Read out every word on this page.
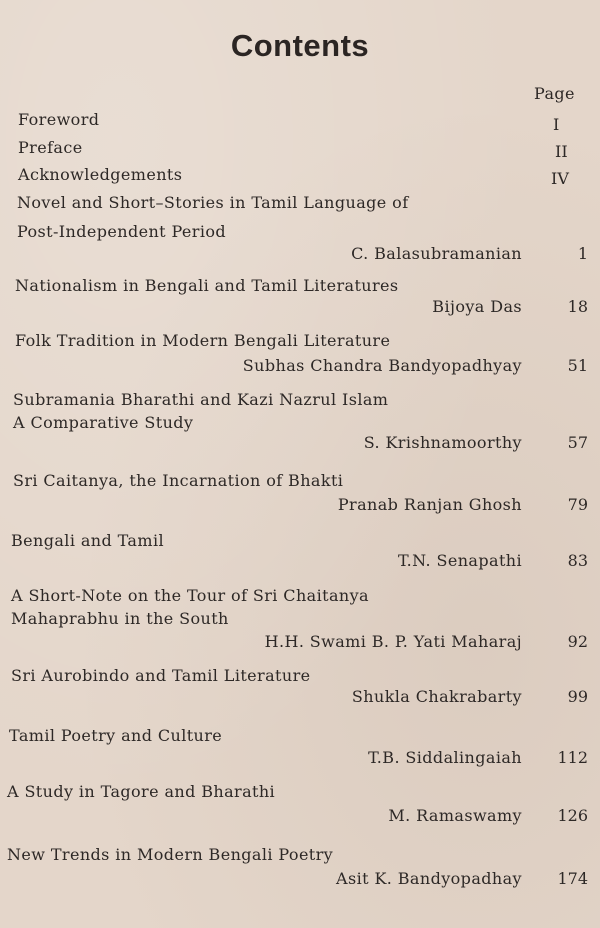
Contents
Page
Foreword	I
Preface	II
Acknowledgements	IV
Novel and Short–Stories in Tamil Language of
Post-Independent Period
C. Balasubramanian	1
Nationalism in Bengali and Tamil Literatures
Bijoya Das	18
Folk Tradition in Modern Bengali Literature
Subhas Chandra Bandyopadhyay	51
Subramania Bharathi and Kazi Nazrul Islam
A Comparative Study
S. Krishnamoorthy	57
Sri Caitanya, the Incarnation of Bhakti
Pranab Ranjan Ghosh	79
Bengali and Tamil
T.N. Senapathi	83
A Short-Note on the Tour of Sri Chaitanya
Mahaprabhu in the South
H.H. Swami B. P. Yati Maharaj	92
Sri Aurobindo and Tamil Literature
Shukla Chakrabarty	99
Tamil Poetry and Culture
T.B. Siddalingaiah	112
A Study in Tagore and Bharathi
M. Ramaswamy	126
New Trends in Modern Bengali Poetry
Asit K. Bandyopadhay	174
